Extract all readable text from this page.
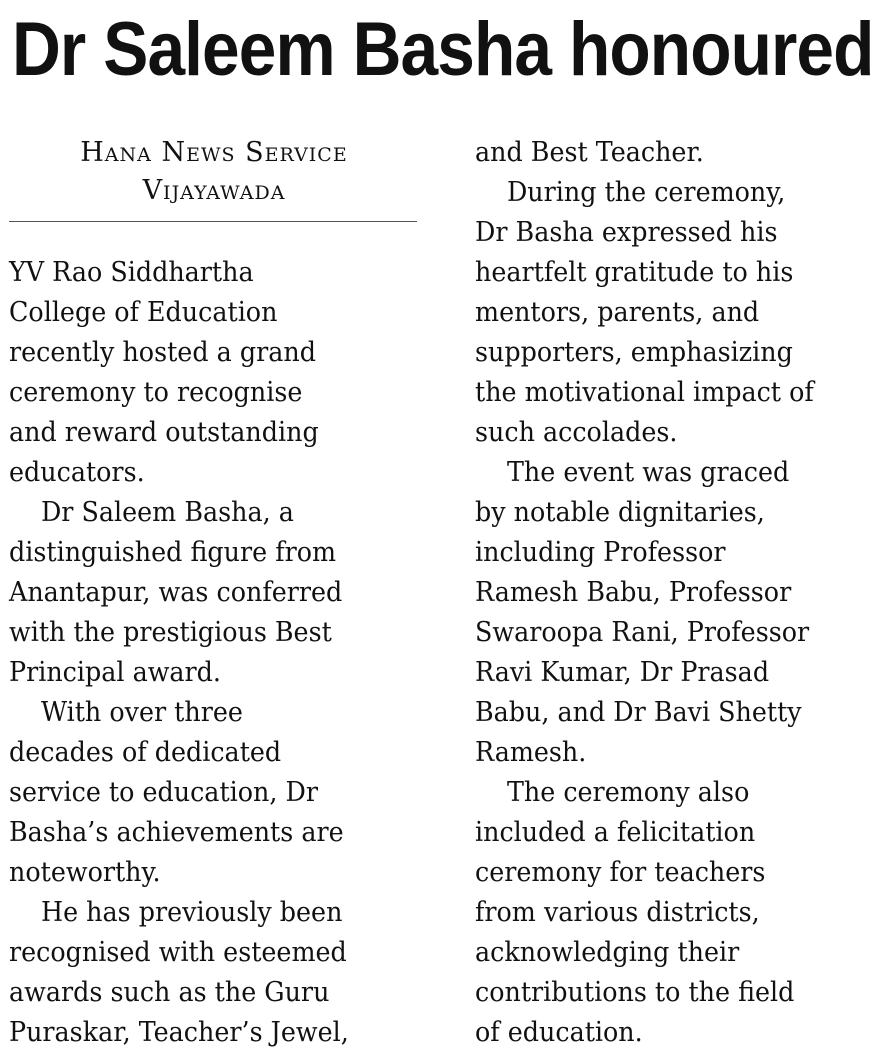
Dr Saleem Basha honoured
Hana News Service
Vijayawada
YV Rao Siddhartha
College of Education
recently hosted a grand
ceremony to recognise
and reward outstanding
educators.
Dr Saleem Basha, a
distinguished figure from
Anantapur, was conferred
with the prestigious Best
Principal award.
With over three
decades of dedicated
service to education, Dr
Basha’s achievements are
noteworthy.
He has previously been
recognised with esteemed
awards such as the Guru
Puraskar, Teacher’s Jewel,
and Best Teacher.
During the ceremony,
Dr Basha expressed his
heartfelt gratitude to his
mentors, parents, and
supporters, emphasizing
the motivational impact of
such accolades.
The event was graced
by notable dignitaries,
including Professor
Ramesh Babu, Professor
Swaroopa Rani, Professor
Ravi Kumar, Dr Prasad
Babu, and Dr Bavi Shetty
Ramesh.
The ceremony also
included a felicitation
ceremony for teachers
from various districts,
acknowledging their
contributions to the field
of education.
